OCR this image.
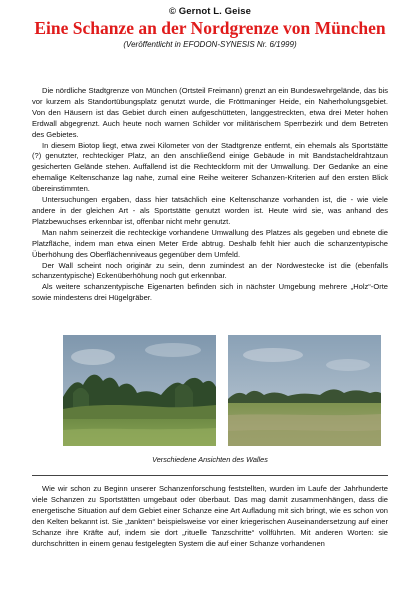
© Gernot L. Geise
Eine Schanze an der Nordgrenze von München
(Veröffentlicht in EFODON-SYNESIS Nr. 6/1999)

Die nördliche Stadtgrenze von München (Ortsteil Freimann) grenzt an ein Bundeswehrgelände, das bis vor kurzem als Standortübungsplatz genutzt wurde, die Fröttmaninger Heide, ein Naherholungsgebiet. Von den Häusern ist das Gebiet durch einen aufgeschütteten, langgestreckten, etwa drei Meter hohen Erdwall abgegrenzt. Auch heute noch warnen Schilder vor militärischem Sperrbezirk und dem Betreten des Gebietes.

In diesem Biotop liegt, etwa zwei Kilometer von der Stadtgrenze entfernt, ein ehemals als Sportstätte (?) genutzter, rechteckiger Platz, an den anschließend einige Gebäude in mit Bandstacheldrahtzaun gesicherten Gelände stehen. Auffallend ist die Rechteckform mit der Umwallung. Der Gedanke an eine ehemalige Keltenschanze lag nahe, zumal eine Reihe weiterer Schanzen-Kriterien auf den ersten Blick übereinstimmten.

Untersuchungen ergaben, dass hier tatsächlich eine Keltenschanze vorhanden ist, die - wie viele andere in der gleichen Art - als Sportstätte genutzt worden ist. Heute wird sie, was anhand des Platzbewuchses erkennbar ist, offenbar nicht mehr genutzt.

Man nahm seinerzeit die rechteckige vorhandene Umwallung des Platzes als gegeben und ebnete die Platzfläche, indem man etwa einen Meter Erde abtrug. Deshalb fehlt hier auch die schanzentypische Überhöhung des Oberflächenniveaus gegenüber dem Umfeld.

Der Wall scheint noch originär zu sein, denn zumindest an der Nordwestecke ist die (ebenfalls schanzentypische) Eckenüberhöhung noch gut erkennbar.

Als weitere schanzentypische Eigenarten befinden sich in nächster Umgebung mehrere „Holz“-Orte sowie mindestens drei Hügelgräber.

Verschiedene Ansichten des Walles

Wie wir schon zu Beginn unserer Schanzenforschung feststellten, wurden im Laufe der Jahrhunderte viele Schanzen zu Sportstätten umgebaut oder überbaut. Das mag damit zusammenhängen, dass die energetische Situation auf dem Gebiet einer Schanze eine Art Aufladung mit sich bringt, wie es schon von den Kelten bekannt ist. Sie „tankten“ beispielsweise vor einer kriegerischen Auseinandersetzung auf einer Schanze ihre Kräfte auf, indem sie dort „rituelle Tanzschritte“ vollführten. Mit anderen Worten: sie durchschritten in einem genau festgelegten System die auf einer Schanze vorhandenen
